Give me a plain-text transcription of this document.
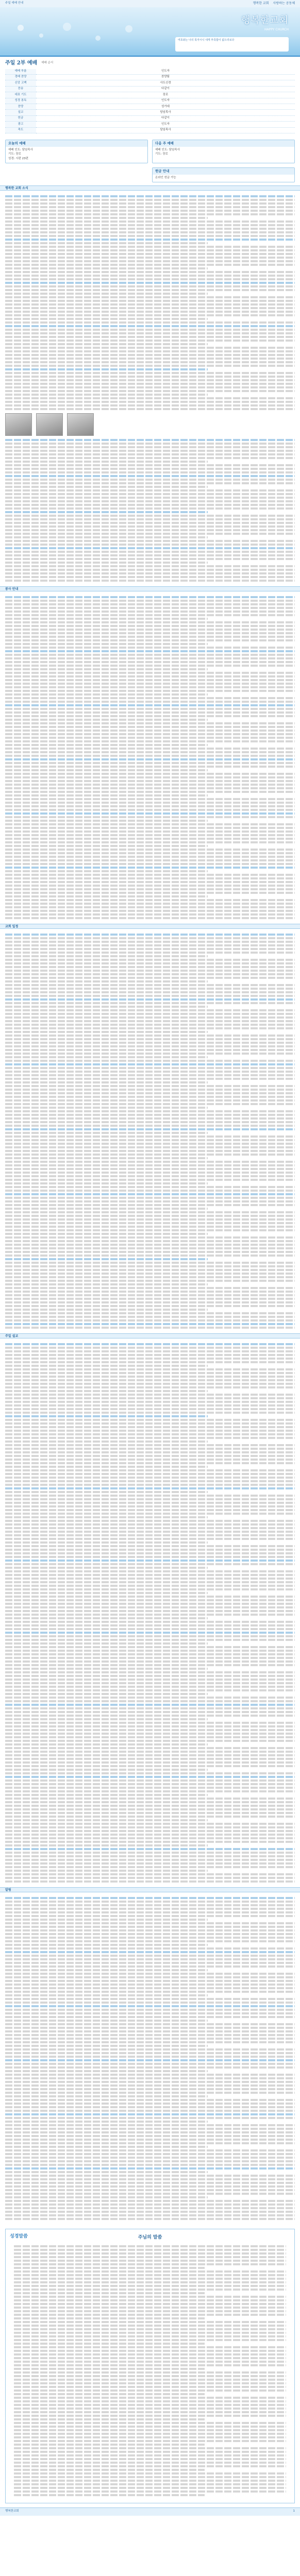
주일 예배 안내	행복한 교회 사랑하는 공동체
행복한교회
HAPPY CHURCH
여호와는 나의 목자시니 내게 부족함이 없으리로다
주일 2부 예배 예배 순서
예배 부름	인도자
경배 찬양	찬양팀
신앙 고백	사도신경
찬송	다같이
대표 기도	장로
성경 봉독	인도자
찬양	성가대
설교	담임목사
헌금	다같이
광고	인도자
축도	담임목사
오늘의 예배

예배 인도: 담임목사

기도: 장로

성경: 시편 23편

다음 주 예배

예배 인도: 담임목사

기도: 장로

헌금 안내

온라인 헌금 가능

행복한 교회 소식
봉사 안내
교회 일정
주일 설교
알림
성경말씀	주님의 말씀
행복한교회	1
